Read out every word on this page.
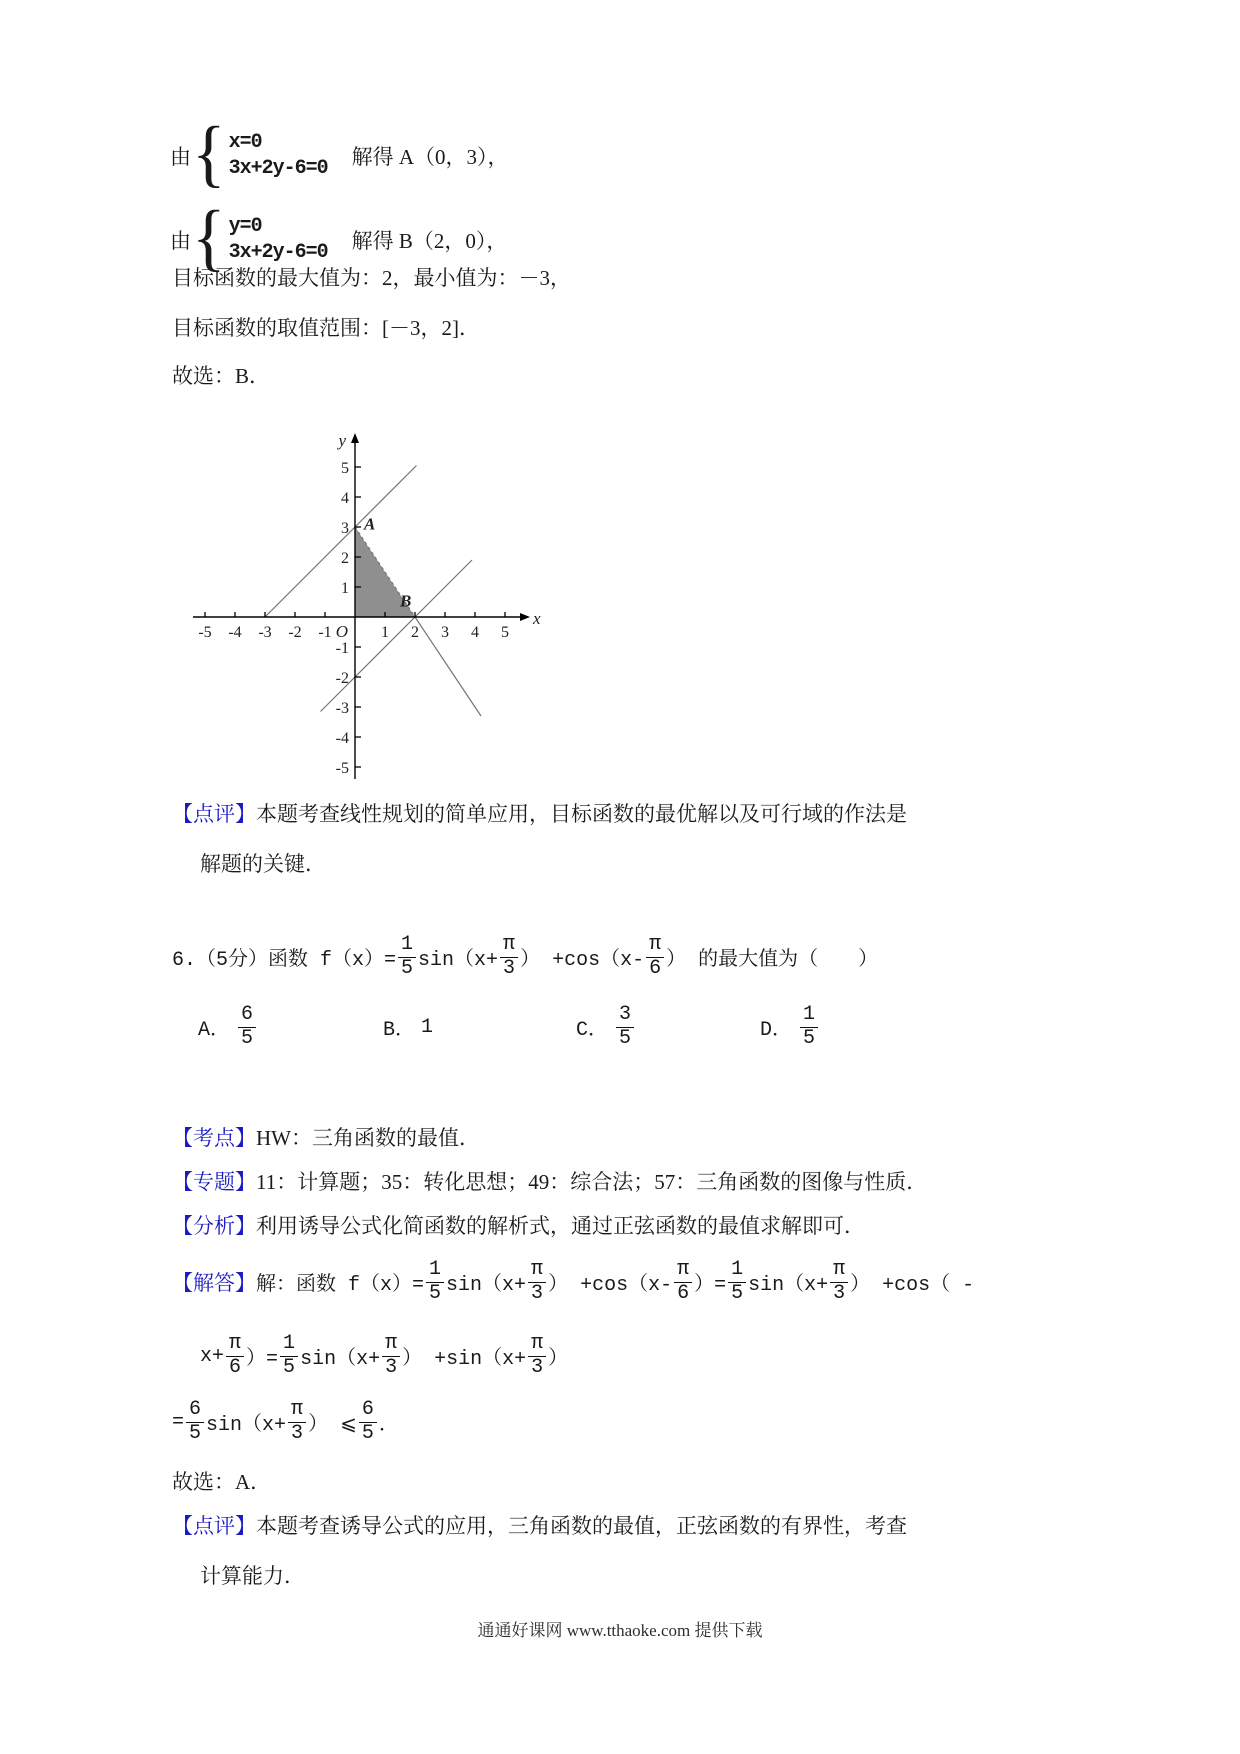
由 { x=0
3x+2y-6=0 解得 A（0，3），
由 { y=0
3x+2y-6=0 解得 B（2，0），
目标函数的最大值为：2，最小值为：－3，
目标函数的取值范围：[－3，2]．
故选：B．
-5 -4 -3 -2 -1	1 2 3 4 5
5
4
3
2
1
-1
-2
-3
-4
-5
O
y
x
A
B
【点评】本题考查线性规划的简单应用，目标函数的最优解以及可行域的作法是
解题的关键．
6.（5分）函数 $f(x)= \frac{1}{5} \sin(x+ \frac{\pi}{3}$ ） $+\cos(x- \frac{\pi}{6}$ ） 的最大值为（　　）
A． $\frac{6}{5}$	B． 1	C． $\frac{3}{5}$	D． $\frac{1}{5}$
【考点】HW：三角函数的最值．
【专题】11：计算题；35：转化思想；49：综合法；57：三角函数的图像与性质．
【分析】利用诱导公式化简函数的解析式，通过正弦函数的最值求解即可．
【解答】 解：函数 $f(x)= \frac{1}{5} \sin(x+ \frac{\pi}{3}$ ） $+\cos(x- \frac{\pi}{6}$ ）= $\frac{1}{5} \sin(x+ \frac{\pi}{3}$ ） +cos（ -
$x+ \frac{\pi}{6}$ ）= $\frac{1}{5} \sin(x+ \frac{\pi}{3}$ ） $+\sin(x+ \frac{\pi}{3}$ ）
= $\frac{6}{5} \sin(x+ \frac{\pi}{3}$ ） ⩽ $\frac{6}{5}$ ．
故选：A．
【点评】本题考查诱导公式的应用，三角函数的最值，正弦函数的有界性，考查
计算能力．
通通好课网 www.tthaoke.com 提供下载
